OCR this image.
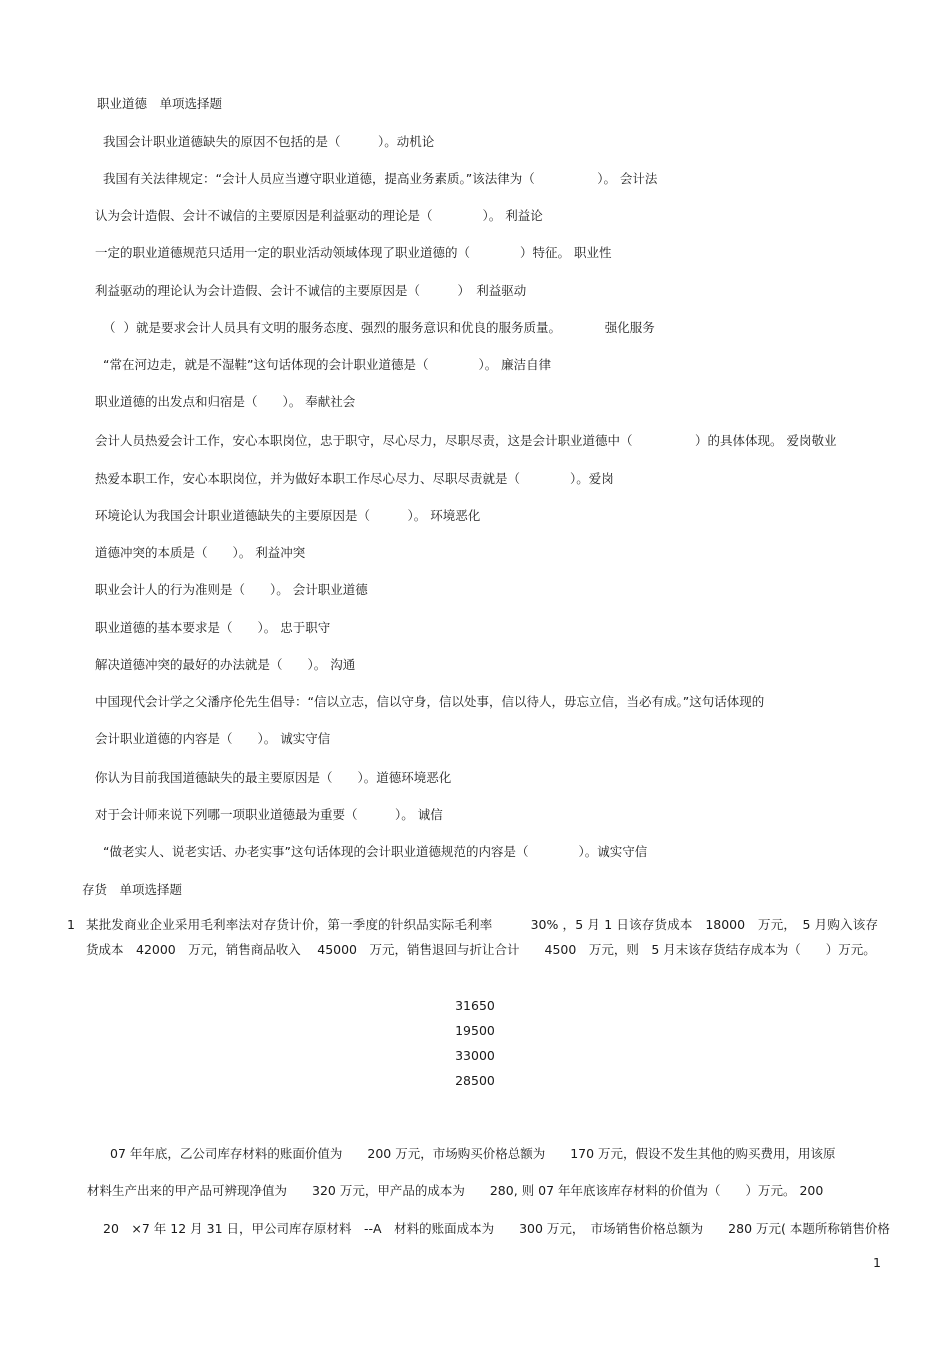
职业道德　单项选择题
我国会计职业道德缺失的原因不包括的是（　　　）。动机论
我国有关法律规定：“会计人员应当遵守职业道德，提高业务素质。”该法律为（　　　　　）。 会计法
认为会计造假、会计不诚信的主要原因是利益驱动的理论是（　　　　）。 利益论
一定的职业道德规范只适用一定的职业活动领域体现了职业道德的（　　　　）特征。 职业性
利益驱动的理论认为会计造假、会计不诚信的主要原因是（　　　）　利益驱动
（  ）就是要求会计人员具有文明的服务态度、强烈的服务意识和优良的服务质量。　　　　强化服务
“常在河边走，就是不湿鞋”这句话体现的会计职业道德是（　　　　）。 廉洁自律
职业道德的出发点和归宿是（　　）。 奉献社会
会计人员热爱会计工作，安心本职岗位，忠于职守，尽心尽力，尽职尽责，这是会计职业道德中（　　　　　）的具体体现。 爱岗敬业
热爱本职工作，安心本职岗位，并为做好本职工作尽心尽力、尽职尽责就是（　　　　）。爱岗
环境论认为我国会计职业道德缺失的主要原因是（　　　）。 环境恶化
道德冲突的本质是（　　）。 利益冲突
职业会计人的行为准则是（　　）。 会计职业道德
职业道德的基本要求是（　　）。 忠于职守
解决道德冲突的最好的办法就是（　　）。 沟通
中国现代会计学之父潘序伦先生倡导：“信以立志，信以守身，信以处事，信以待人，毋忘立信，当必有成。”这句话体现的
会计职业道德的内容是（　　）。 诚实守信
你认为目前我国道德缺失的最主要原因是（　　）。道德环境恶化
对于会计师来说下列哪一项职业道德最为重要（　　　）。 诚信
“做老实人、说老实话、办老实事”这句话体现的会计职业道德规范的内容是（　　　　）。诚实守信
存货　单项选择题
1 某批发商业企业采用毛利率法对存货计价，第一季度的针织品实际毛利率　　　30% ，5 月 1 日该存货成本　18000　万元，　5 月购入该存货成本　42000　万元，销售商品收入　 45000　万元，销售退回与折让合计　　4500　万元，则　5 月末该存货结存成本为（　　）万元。
31650
19500
33000
28500
07 年年底，乙公司库存材料的账面价值为　　200 万元，市场购买价格总额为　　170 万元，假设不发生其他的购买费用，用该原
材料生产出来的甲产品可辨现净值为　　320 万元，甲产品的成本为　　280, 则 07 年年底该库存材料的价值为（　　）万元。 200
20　×7 年 12 月 31 日，甲公司库存原材料　--A　材料的账面成本为　　300 万元，　市场销售价格总额为　　280 万元( 本题所称销售价格
1
